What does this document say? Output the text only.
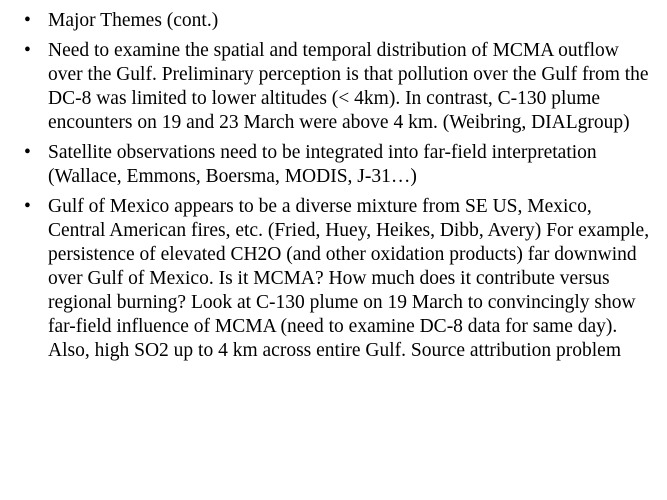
• Major Themes (cont.)
• Need to examine the spatial and temporal distribution of MCMA outflow over the Gulf. Preliminary perception is that pollution over the Gulf from the DC-8 was limited to lower altitudes (< 4km). In contrast, C-130 plume encounters on 19 and 23 March were above 4 km. (Weibring, DIALgroup)
• Satellite observations need to be integrated into far-field interpretation (Wallace, Emmons, Boersma, MODIS, J-31…)
• Gulf of Mexico appears to be a diverse mixture from SE US, Mexico, Central American fires, etc. (Fried, Huey, Heikes, Dibb, Avery) For example, persistence of elevated CH2O (and other oxidation products) far downwind over Gulf of Mexico. Is it MCMA? How much does it contribute versus regional burning? Look at C-130 plume on 19 March to convincingly show far-field influence of MCMA (need to examine DC-8 data for same day). Also, high SO2 up to 4 km across entire Gulf. Source attribution problem
